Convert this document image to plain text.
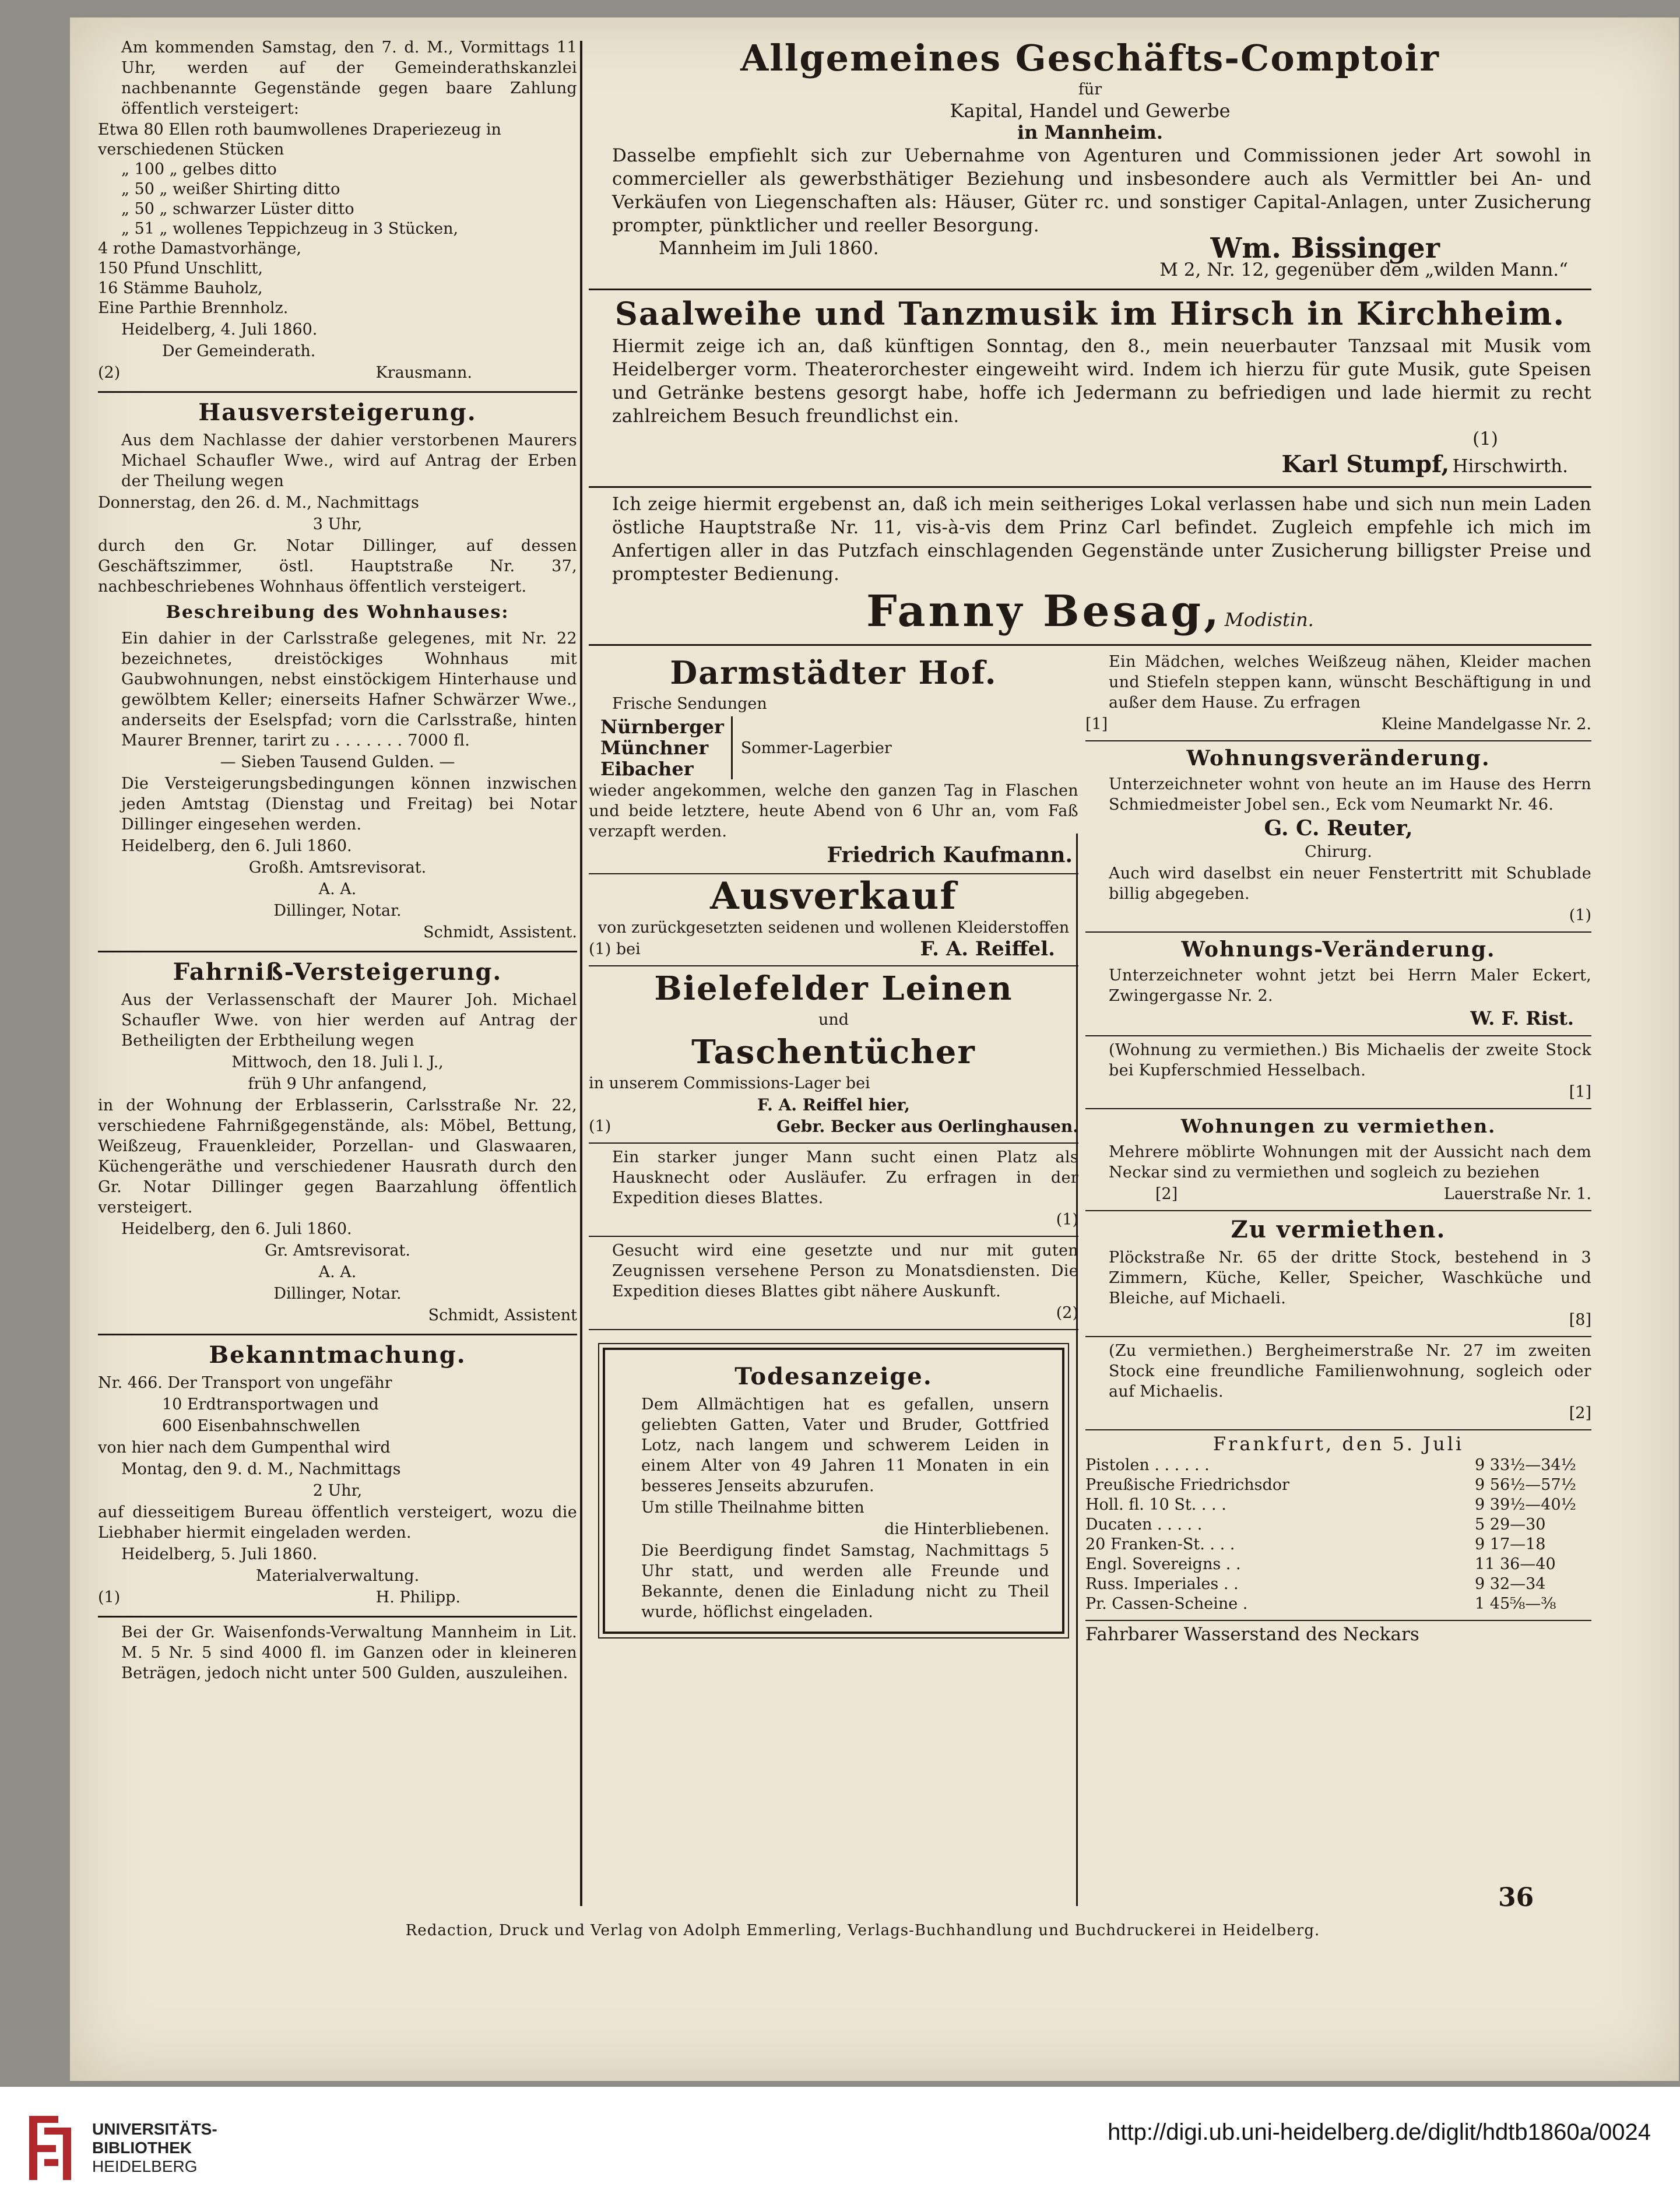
Am kommenden Samstag, den 7. d. M., Vormittags 11 Uhr, werden auf der Gemeinderathskanzlei nachbenannte Gegenstände gegen baare Zahlung öffentlich versteigert:
Etwa 80 Ellen roth baumwollenes Draperiezeug in verschiedenen Stücken
„ 100 „ gelbes ditto
„ 50 „ weißer Shirting ditto
„ 50 „ schwarzer Lüster ditto
„ 51 „ wollenes Teppichzeug in 3 Stücken,
4 rothe Damastvorhänge,
150 Pfund Unschlitt,
16 Stämme Bauholz,
Eine Parthie Brennholz.
Heidelberg, 4. Juli 1860.
Der Gemeinderath.
(2)	Krausmann.
Hausversteigerung.
Aus dem Nachlasse der dahier verstorbenen Maurers Michael Schaufler Wwe., wird auf Antrag der Erben der Theilung wegen
Donnerstag, den 26. d. M., Nachmittags
3 Uhr,
durch den Gr. Notar Dillinger, auf dessen Geschäftszimmer, östl. Hauptstraße Nr. 37, nachbeschriebenes Wohnhaus öffentlich versteigert.
Beschreibung des Wohnhauses:
Ein dahier in der Carlsstraße gelegenes, mit Nr. 22 bezeichnetes, dreistöckiges Wohnhaus mit Gaubwohnungen, nebst einstöckigem Hinterhause und gewölbtem Keller; einerseits Hafner Schwärzer Wwe., anderseits der Eselspfad; vorn die Carlsstraße, hinten Maurer Brenner, tarirt zu . . . . . . . 7000 fl.
— Sieben Tausend Gulden. —
Die Versteigerungsbedingungen können inzwischen jeden Amtstag (Dienstag und Freitag) bei Notar Dillinger eingesehen werden.
Heidelberg, den 6. Juli 1860.
Großh. Amtsrevisorat.
A. A.
Dillinger, Notar.
Schmidt, Assistent.
Fahrniß-Versteigerung.
Aus der Verlassenschaft der Maurer Joh. Michael Schaufler Wwe. von hier werden auf Antrag der Betheiligten der Erbtheilung wegen
Mittwoch, den 18. Juli l. J.,
früh 9 Uhr anfangend,
in der Wohnung der Erblasserin, Carlsstraße Nr. 22, verschiedene Fahrnißgegenstände, als: Möbel, Bettung, Weißzeug, Frauenkleider, Porzellan- und Glaswaaren, Küchengeräthe und verschiedener Hausrath durch den Gr. Notar Dillinger gegen Baarzahlung öffentlich versteigert.
Heidelberg, den 6. Juli 1860.
Gr. Amtsrevisorat.
A. A.
Dillinger, Notar.
Schmidt, Assistent
Bekanntmachung.
Nr. 466. Der Transport von ungefähr
10 Erdtransportwagen und
600 Eisenbahnschwellen
von hier nach dem Gumpenthal wird
Montag, den 9. d. M., Nachmittags
2 Uhr,
auf diesseitigem Bureau öffentlich versteigert, wozu die Liebhaber hiermit eingeladen werden.
Heidelberg, 5. Juli 1860.
Materialverwaltung.
(1)	H. Philipp.
Bei der Gr. Waisenfonds-Verwaltung Mannheim in Lit. M. 5 Nr. 5 sind 4000 fl. im Ganzen oder in kleineren Beträgen, jedoch nicht unter 500 Gulden, auszuleihen.
Allgemeines Geschäfts-Comptoir
für
Kapital, Handel und Gewerbe
in Mannheim.
Dasselbe empfiehlt sich zur Uebernahme von Agenturen und Commissionen jeder Art sowohl in commercieller als gewerbsthätiger Beziehung und insbesondere auch als Vermittler bei An- und Verkäufen von Liegenschaften als: Häuser, Güter rc. und sonstiger Capital-Anlagen, unter Zusicherung prompter, pünktlicher und reeller Besorgung.
Mannheim im Juli 1860.	Wm. Bissinger
M 2, Nr. 12, gegenüber dem „wilden Mann.“
Saalweihe und Tanzmusik im Hirsch in Kirchheim.
Hiermit zeige ich an, daß künftigen Sonntag, den 8., mein neuerbauter Tanzsaal mit Musik vom Heidelberger vorm. Theaterorchester eingeweiht wird. Indem ich hierzu für gute Musik, gute Speisen und Getränke bestens gesorgt habe, hoffe ich Jedermann zu befriedigen und lade hiermit zu recht zahlreichem Besuch freundlichst ein.
(1)
Karl Stumpf, Hirschwirth.
Ich zeige hiermit ergebenst an, daß ich mein seitheriges Lokal verlassen habe und sich nun mein Laden östliche Hauptstraße Nr. 11, vis-à-vis dem Prinz Carl befindet. Zugleich empfehle ich mich im Anfertigen aller in das Putzfach einschlagenden Gegenstände unter Zusicherung billigster Preise und promptester Bedienung.
Fanny Besag, Modistin.
Darmstädter Hof.
Frische Sendungen
Nürnberger
Münchner
Eibacher
Sommer-Lagerbier
wieder angekommen, welche den ganzen Tag in Flaschen und beide letztere, heute Abend von 6 Uhr an, vom Faß verzapft werden.
Friedrich Kaufmann.
Ausverkauf
von zurückgesetzten seidenen und wollenen Kleiderstoffen
(1) bei	F. A. Reiffel.
Bielefelder Leinen
und
Taschentücher
in unserem Commissions-Lager bei
F. A. Reiffel hier,
(1)	Gebr. Becker aus Oerlinghausen.
Ein starker junger Mann sucht einen Platz als Hausknecht oder Ausläufer. Zu erfragen in der Expedition dieses Blattes.
(1)
Gesucht wird eine gesetzte und nur mit guten Zeugnissen versehene Person zu Monatsdiensten. Die Expedition dieses Blattes gibt nähere Auskunft.
(2)
Todesanzeige.
Dem Allmächtigen hat es gefallen, unsern geliebten Gatten, Vater und Bruder, Gottfried Lotz, nach langem und schwerem Leiden in einem Alter von 49 Jahren 11 Monaten in ein besseres Jenseits abzurufen.
Um stille Theilnahme bitten
die Hinterbliebenen.
Die Beerdigung findet Samstag, Nachmittags 5 Uhr statt, und werden alle Freunde und Bekannte, denen die Einladung nicht zu Theil wurde, höflichst eingeladen.
Ein Mädchen, welches Weißzeug nähen, Kleider machen und Stiefeln steppen kann, wünscht Beschäftigung in und außer dem Hause. Zu erfragen
[1]	Kleine Mandelgasse Nr. 2.
Wohnungsveränderung.
Unterzeichneter wohnt von heute an im Hause des Herrn Schmiedmeister Jobel sen., Eck vom Neumarkt Nr. 46.
G. C. Reuter,
Chirurg.
Auch wird daselbst ein neuer Fenstertritt mit Schublade billig abgegeben.
(1)
Wohnungs-Veränderung.
Unterzeichneter wohnt jetzt bei Herrn Maler Eckert, Zwingergasse Nr. 2.
W. F. Rist.
(Wohnung zu vermiethen.) Bis Michaelis der zweite Stock bei Kupferschmied Hesselbach.
[1]
Wohnungen zu vermiethen.
Mehrere möblirte Wohnungen mit der Aussicht nach dem Neckar sind zu vermiethen und sogleich zu beziehen
[2]	Lauerstraße Nr. 1.
Zu vermiethen.
Plöckstraße Nr. 65 der dritte Stock, bestehend in 3 Zimmern, Küche, Keller, Speicher, Waschküche und Bleiche, auf Michaeli.
[8]
(Zu vermiethen.) Bergheimerstraße Nr. 27 im zweiten Stock eine freundliche Familienwohnung, sogleich oder auf Michaelis.
[2]
Frankfurt, den 5. Juli
Pistolen . . . . . .	9 33½—34½
Preußische Friedrichsdor	9 56½—57½
Holl. fl. 10 St. . . .	9 39½—40½
Ducaten . . . . .	5 29—30
20 Franken-St. . . .	9 17—18
Engl. Sovereigns . .	11 36—40
Russ. Imperiales . .	9 32—34
Pr. Cassen-Scheine .	1 45⅝—⅜
Fahrbarer Wasserstand des Neckars
36
Redaction, Druck und Verlag von Adolph Emmerling, Verlags-Buchhandlung und Buchdruckerei in Heidelberg.
UNIVERSITÄTS-
BIBLIOTHEK
HEIDELBERG
http://digi.ub.uni-heidelberg.de/diglit/hdtb1860a/0024
